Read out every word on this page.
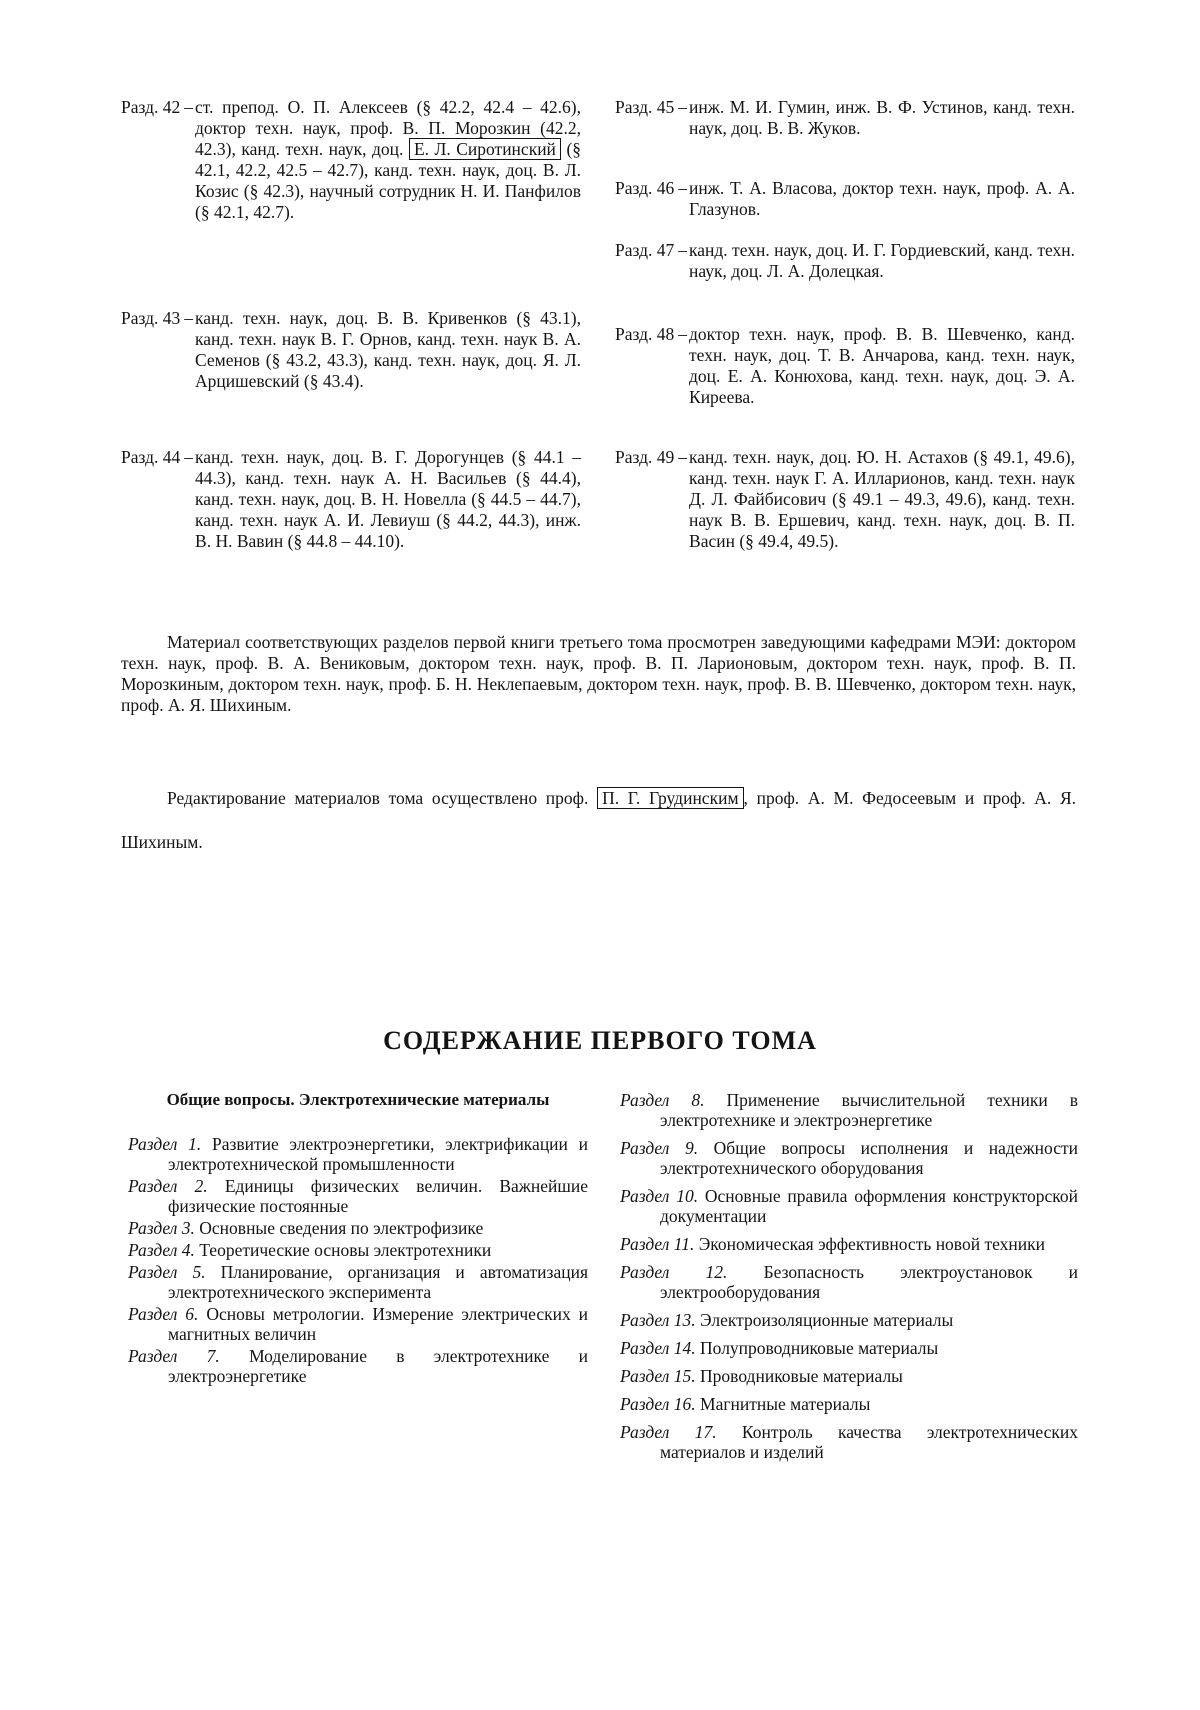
Разд. 42 – ст. препод. О. П. Алексеев (§ 42.2, 42.4 – 42.6), доктор техн. наук, проф. В. П. Морозкин (42.2, 42.3), канд. техн. наук, доц. Е. Л. Сиротинский (§ 42.1, 42.2, 42.5 – 42.7), канд. техн. наук, доц. В. Л. Козис (§ 42.3), научный сотрудник Н. И. Панфилов (§ 42.1, 42.7).
Разд. 43 – канд. техн. наук, доц. В. В. Кривенков (§ 43.1), канд. техн. наук В. Г. Орнов, канд. техн. наук В. А. Семенов (§ 43.2, 43.3), канд. техн. наук, доц. Я. Л. Арцишевский (§ 43.4).
Разд. 44 – канд. техн. наук, доц. В. Г. Дорогунцев (§ 44.1 – 44.3), канд. техн. наук А. Н. Васильев (§ 44.4), канд. техн. наук, доц. В. Н. Новелла (§ 44.5 – 44.7), канд. техн. наук А. И. Левиуш (§ 44.2, 44.3), инж. В. Н. Вавин (§ 44.8 – 44.10).
Разд. 45 – инж. М. И. Гумин, инж. В. Ф. Устинов, канд. техн. наук, доц. В. В. Жуков.
Разд. 46 – инж. Т. А. Власова, доктор техн. наук, проф. А. А. Глазунов.
Разд. 47 – канд. техн. наук, доц. И. Г. Гордиевский, канд. техн. наук, доц. Л. А. Долецкая.
Разд. 48 – доктор техн. наук, проф. В. В. Шевченко, канд. техн. наук, доц. Т. В. Анчарова, канд. техн. наук, доц. Е. А. Конюхова, канд. техн. наук, доц. Э. А. Киреева.
Разд. 49 – канд. техн. наук, доц. Ю. Н. Астахов (§ 49.1, 49.6), канд. техн. наук Г. А. Илларионов, канд. техн. наук Д. Л. Файбисович (§ 49.1 – 49.3, 49.6), канд. техн. наук В. В. Ершевич, канд. техн. наук, доц. В. П. Васин (§ 49.4, 49.5).
Материал соответствующих разделов первой книги третьего тома просмотрен заведующими кафедрами МЭИ: доктором техн. наук, проф. В. А. Вениковым, доктором техн. наук, проф. В. П. Ларионовым, доктором техн. наук, проф. В. П. Морозкиным, доктором техн. наук, проф. Б. Н. Неклепаевым, доктором техн. наук, проф. В. В. Шевченко, доктором техн. наук, проф. А. Я. Шихиным.
Редактирование материалов тома осуществлено проф. П. Г. Грудинским , проф. А. М. Федосеевым и проф. А. Я. Шихиным.
СОДЕРЖАНИЕ ПЕРВОГО ТОМА
Общие вопросы. Электротехнические материалы
Раздел 1. Развитие электроэнергетики, электрификации и электротехнической промышленности
Раздел 2. Единицы физических величин. Важнейшие физические постоянные
Раздел 3. Основные сведения по электрофизике
Раздел 4. Теоретические основы электротехники
Раздел 5. Планирование, организация и автоматизация электротехнического эксперимента
Раздел 6. Основы метрологии. Измерение электрических и магнитных величин
Раздел 7. Моделирование в электротехнике и электроэнергетике
Раздел 8. Применение вычислительной техники в электротехнике и электроэнергетике
Раздел 9. Общие вопросы исполнения и надежности электротехнического оборудования
Раздел 10. Основные правила оформления конструкторской документации
Раздел 11. Экономическая эффективность новой техники
Раздел 12. Безопасность электроустановок и электрооборудования
Раздел 13. Электроизоляционные материалы
Раздел 14. Полупроводниковые материалы
Раздел 15. Проводниковые материалы
Раздел 16. Магнитные материалы
Раздел 17. Контроль качества электротехнических материалов и изделий
